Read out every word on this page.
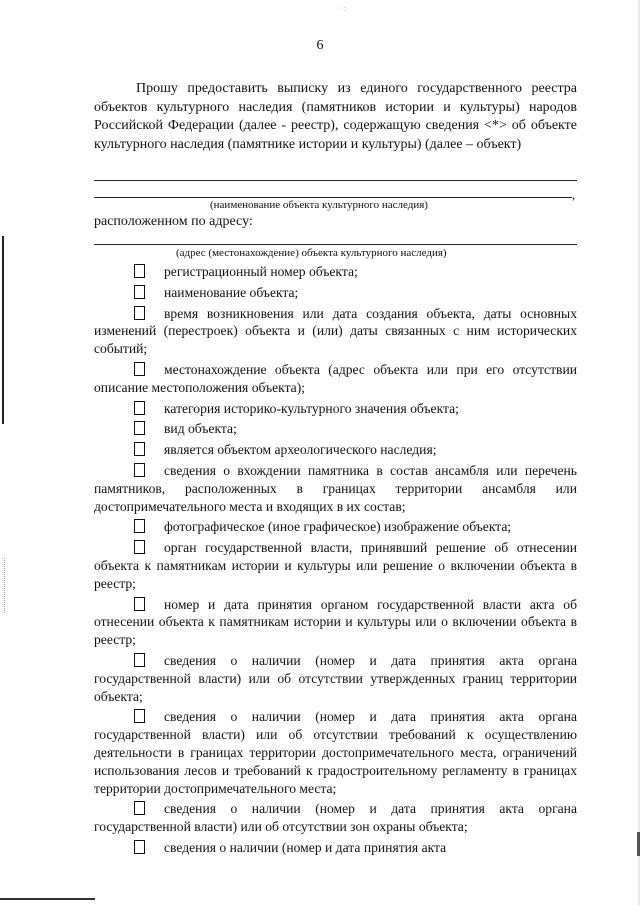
· ·:·
6
Прошу предоставить выписку из единого государственного реестра объектов культурного наследия (памятников истории и культуры) народов Российской Федерации (далее - реестр), содержащую сведения <*> об объекте культурного наследия (памятнике истории и культуры) (далее – объект)
,
(наименование объекта культурного наследия)
расположенном по адресу:
(адрес (местонахождение) объекта культурного наследия)
регистрационный номер объекта;
наименование объекта;
время возникновения или дата создания объекта, даты основных изменений (перестроек) объекта и (или) даты связанных с ним исторических событий;
местонахождение объекта (адрес объекта или при его отсутствии описание местоположения объекта);
категория историко-культурного значения объекта;
вид объекта;
является объектом археологического наследия;
сведения о вхождении памятника в состав ансамбля или перечень памятников, расположенных в границах территории ансамбля или достопримечательного места и входящих в их состав;
фотографическое (иное графическое) изображение объекта;
орган государственной власти, принявший решение об отнесении объекта к памятникам истории и культуры или решение о включении объекта в реестр;
номер и дата принятия органом государственной власти акта об отнесении объекта к памятникам истории и культуры или о включении объекта в реестр;
сведения о наличии (номер и дата принятия акта органа государственной власти) или об отсутствии утвержденных границ территории объекта;
сведения о наличии (номер и дата принятия акта органа государственной власти) или об отсутствии требований к осуществлению деятельности в границах территории достопримечательного места, ограничений использования лесов и требований к градостроительному регламенту в границах территории достопримечательного места;
сведения о наличии (номер и дата принятия акта органа государственной власти) или об отсутствии зон охраны объекта;
сведения о наличии (номер и дата принятия акта
